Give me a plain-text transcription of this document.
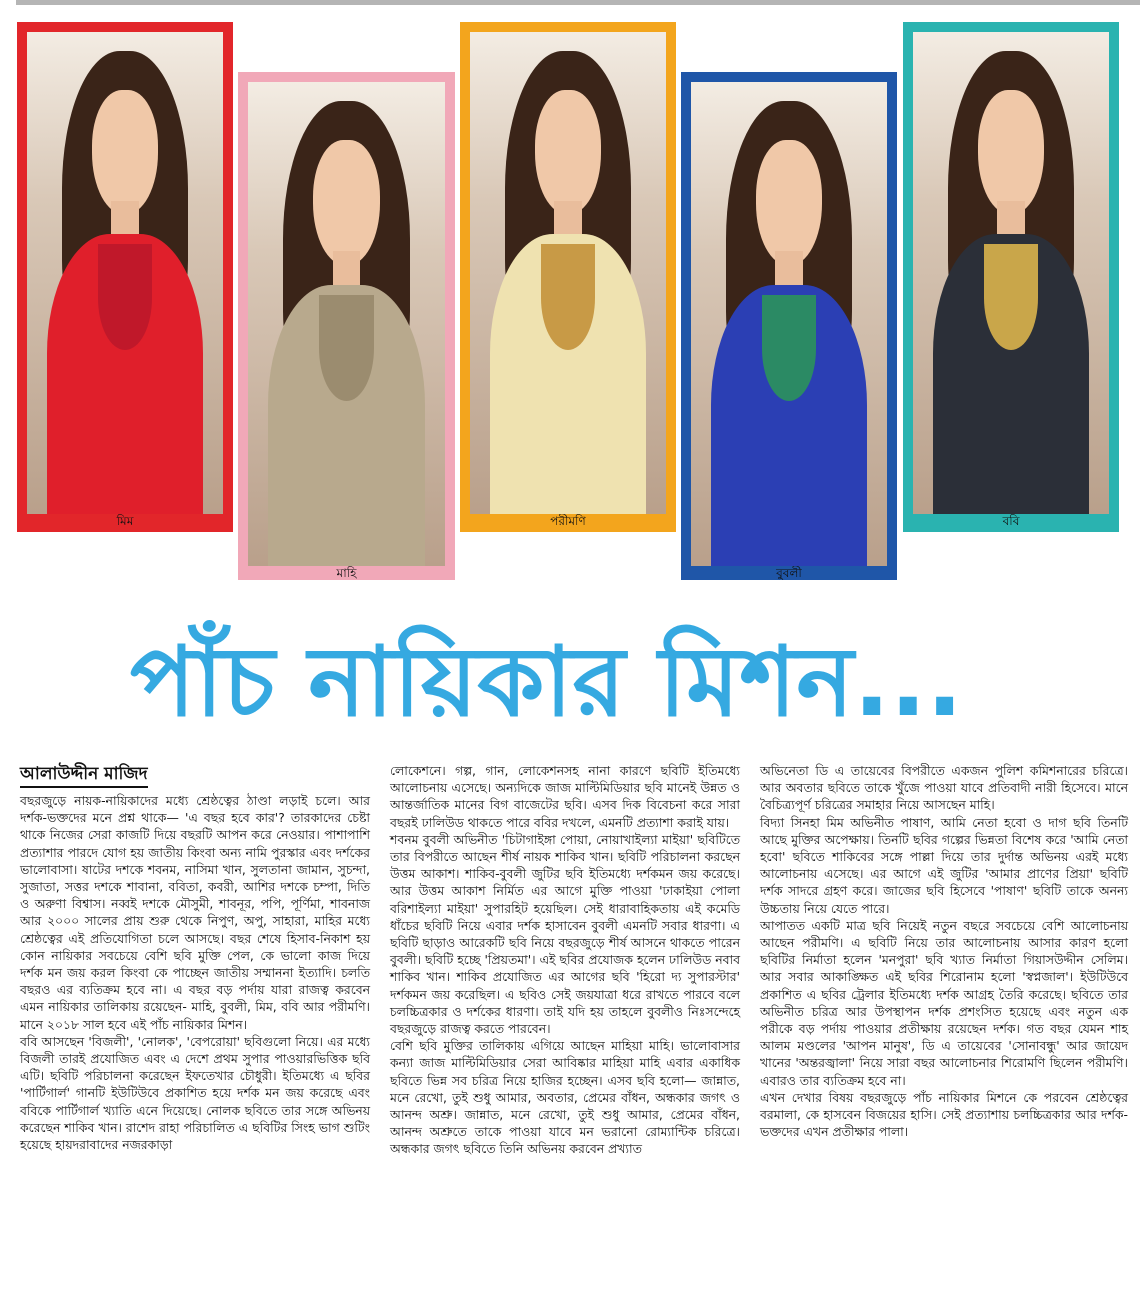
মিম
মাহি
পরীমণি
বুবলী
ববি
পাঁচ নায়িকার মিশন...
আলাউদ্দীন মাজিদ

বছরজুড়ে নায়ক-নায়িকাদের মধ্যে শ্রেষ্ঠত্বের ঠাণ্ডা লড়াই চলে। আর দর্শক-ভক্তদের মনে প্রশ্ন থাকে— 'এ বছর হবে কার'? তারকাদের চেষ্টা থাকে নিজের সেরা কাজটি দিয়ে বছরটি আপন করে নেওয়ার। পাশাপাশি প্রত্যাশার পারদে যোগ হয় জাতীয় কিংবা অন্য নামি পুরস্কার এবং দর্শকের ভালোবাসা। ষাটের দশকে শবনম, নাসিমা খান, সুলতানা জামান, সুচন্দা, সুজাতা, সত্তর দশকে শাবানা, ববিতা, কবরী, আশির দশকে চম্পা, দিতি ও অরুণা বিশ্বাস। নব্বই দশকে মৌসুমী, শাবনূর, পপি, পূর্ণিমা, শাবনাজ আর ২০০০ সালের প্রায় শুরু থেকে নিপুণ, অপু, সাহারা, মাহির মধ্যে শ্রেষ্ঠত্বের এই প্রতিযোগিতা চলে আসছে। বছর শেষে হিসাব-নিকাশ হয় কোন নায়িকার সবচেয়ে বেশি ছবি মুক্তি পেল, কে ভালো কাজ দিয়ে দর্শক মন জয় করল কিংবা কে পাচ্ছেন জাতীয় সম্মাননা ইত্যাদি। চলতি বছরও এর ব্যতিক্রম হবে না। এ বছর বড় পর্দায় যারা রাজত্ব করবেন এমন নায়িকার তালিকায় রয়েছেন- মাহি, বুবলী, মিম, ববি আর পরীমণি। মানে ২০১৮ সাল হবে এই পাঁচ নায়িকার মিশন।

ববি আসছেন 'বিজলী', 'নোলক', 'বেপরোয়া' ছবিগুলো নিয়ে। এর মধ্যে বিজলী তারই প্রযোজিত এবং এ দেশে প্রথম সুপার পাওয়ারভিত্তিক ছবি এটি। ছবিটি পরিচালনা করেছেন ইফতেখার চৌধুরী। ইতিমধ্যে এ ছবির 'পার্টিগার্ল' গানটি ইউটিউবে প্রকাশিত হয়ে দর্শক মন জয় করেছে এবং ববিকে পার্টিগার্ল খ্যাতি এনে দিয়েছে। নোলক ছবিতে তার সঙ্গে অভিনয় করেছেন শাকিব খান। রাশেদ রাহা পরিচালিত এ ছবিটির সিংহ ভাগ শুটিং হয়েছে হায়দরাবাদের নজরকাড়া

লোকেশনে। গল্প, গান, লোকেশনসহ নানা কারণে ছবিটি ইতিমধ্যে আলোচনায় এসেছে। অন্যদিকে জাজ মাল্টিমিডিয়ার ছবি মানেই উন্নত ও আন্তর্জাতিক মানের বিগ বাজেটের ছবি। এসব দিক বিবেচনা করে সারা বছরই ঢালিউড থাকতে পারে ববির দখলে, এমনটি প্রত্যাশা করাই যায়।

শবনম বুবলী অভিনীত 'চিটাগাইঙ্গা পোয়া, নোয়াখাইল্যা মাইয়া' ছবিটিতে তার বিপরীতে আছেন শীর্ষ নায়ক শাকিব খান। ছবিটি পরিচালনা করছেন উত্তম আকাশ। শাকিব-বুবলী জুটির ছবি ইতিমধ্যে দর্শকমন জয় করেছে। আর উত্তম আকাশ নির্মিত এর আগে মুক্তি পাওয়া 'ঢাকাইয়া পোলা বরিশাইল্যা মাইয়া' সুপারহিট হয়েছিল। সেই ধারাবাহিকতায় এই কমেডি ধাঁচের ছবিটি নিয়ে এবার দর্শক হাসাবেন বুবলী এমনটি সবার ধারণা। এ ছবিটি ছাড়াও আরেকটি ছবি নিয়ে বছরজুড়ে শীর্ষ আসনে থাকতে পারেন বুবলী। ছবিটি হচ্ছে 'প্রিয়তমা'। এই ছবির প্রযোজক হলেন ঢালিউড নবাব শাকিব খান। শাকিব প্রযোজিত এর আগের ছবি 'হিরো দ্য সুপারস্টার' দর্শকমন জয় করেছিল। এ ছবিও সেই জয়যাত্রা ধরে রাখতে পারবে বলে চলচ্চিত্রকার ও দর্শকের ধারণা। তাই যদি হয় তাহলে বুবলীও নিঃসন্দেহে বছরজুড়ে রাজত্ব করতে পারবেন।

বেশি ছবি মুক্তির তালিকায় এগিয়ে আছেন মাহিয়া মাহি। ভালোবাসার কন্যা জাজ মাল্টিমিডিয়ার সেরা আবিষ্কার মাহিয়া মাহি এবার একাধিক ছবিতে ভিন্ন সব চরিত্র নিয়ে হাজির হচ্ছেন। এসব ছবি হলো— জান্নাত, মনে রেখো, তুই শুধু আমার, অবতার, প্রেমের বাঁধন, অন্ধকার জগৎ ও আনন্দ অশ্রু। জান্নাত, মনে রেখো, তুই শুধু আমার, প্রেমের বাঁধন, আনন্দ অশ্রুতে তাকে পাওয়া যাবে মন ভরানো রোম্যান্টিক চরিত্রে। অন্ধকার জগৎ ছবিতে তিনি অভিনয় করবেন প্রখ্যাত

অভিনেতা ডি এ তায়েবের বিপরীতে একজন পুলিশ কমিশনারের চরিত্রে। আর অবতার ছবিতে তাকে খুঁজে পাওয়া যাবে প্রতিবাদী নারী হিসেবে। মানে বৈচিত্র্যপূর্ণ চরিত্রের সমাহার নিয়ে আসছেন মাহি।

বিদ্যা সিনহা মিম অভিনীত পাষাণ, আমি নেতা হবো ও দাগ ছবি তিনটি আছে মুক্তির অপেক্ষায়। তিনটি ছবির গল্পের ভিন্নতা বিশেষ করে 'আমি নেতা হবো' ছবিতে শাকিবের সঙ্গে পাল্লা দিয়ে তার দুর্দান্ত অভিনয় এরই মধ্যে আলোচনায় এসেছে। এর আগে এই জুটির 'আমার প্রাণের প্রিয়া' ছবিটি দর্শক সাদরে গ্রহণ করে। জাজের ছবি হিসেবে 'পাষাণ' ছবিটি তাকে অনন্য উচ্চতায় নিয়ে যেতে পারে।

আপাতত একটি মাত্র ছবি নিয়েই নতুন বছরে সবচেয়ে বেশি আলোচনায় আছেন পরীমণি। এ ছবিটি নিয়ে তার আলোচনায় আসার কারণ হলো ছবিটির নির্মাতা হলেন 'মনপুরা' ছবি খ্যাত নির্মাতা গিয়াসউদ্দীন সেলিম। আর সবার আকাঙ্ক্ষিত এই ছবির শিরোনাম হলো 'স্বপ্নজাল'। ইউটিউবে প্রকাশিত এ ছবির ট্রেলার ইতিমধ্যে দর্শক আগ্রহ তৈরি করেছে। ছবিতে তার অভিনীত চরিত্র আর উপস্থাপন দর্শক প্রশংসিত হয়েছে এবং নতুন এক পরীকে বড় পর্দায় পাওয়ার প্রতীক্ষায় রয়েছেন দর্শক। গত বছর যেমন শাহ আলম মণ্ডলের 'আপন মানুষ', ডি এ তায়েবের 'সোনাবন্ধু' আর জায়েদ খানের 'অন্তরজ্বালা' নিয়ে সারা বছর আলোচনার শিরোমণি ছিলেন পরীমণি। এবারও তার ব্যতিক্রম হবে না।

এখন দেখার বিষয় বছরজুড়ে পাঁচ নায়িকার মিশনে কে পরবেন শ্রেষ্ঠত্বের বরমালা, কে হাসবেন বিজয়ের হাসি। সেই প্রত্যাশায় চলচ্চিত্রকার আর দর্শক-ভক্তদের এখন প্রতীক্ষার পালা।
